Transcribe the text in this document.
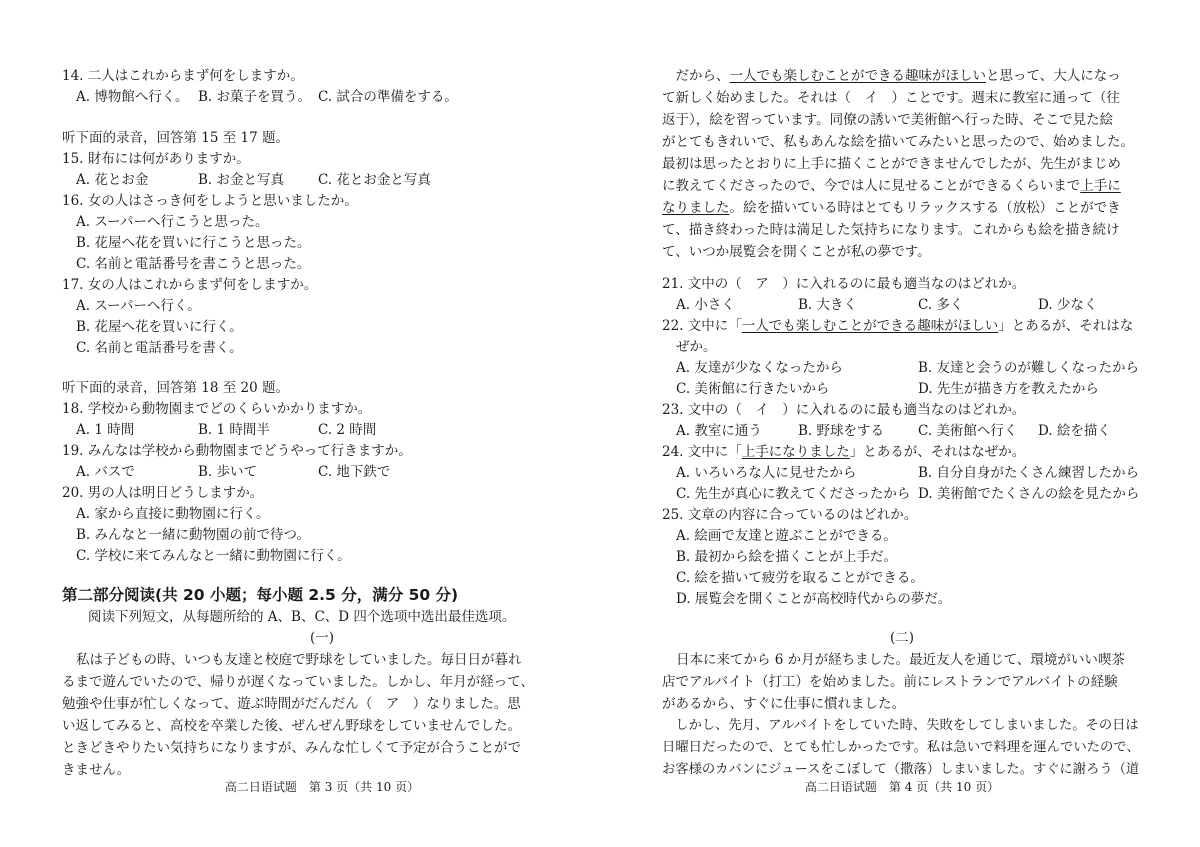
14. 二人はこれからまず何をしますか。
A. 博物館へ行く。 B. お菓子を買う。 C. 試合の準備をする。
听下面的录音，回答第 15 至 17 题。
15. 財布には何がありますか。
A. 花とお金	B. お金と写真	C. 花とお金と写真
16. 女の人はさっき何をしようと思いましたか。
A. スーパーへ行こうと思った。
B. 花屋へ花を買いに行こうと思った。
C. 名前と電話番号を書こうと思った。
17. 女の人はこれからまず何をしますか。
A. スーパーへ行く。
B. 花屋へ花を買いに行く。
C. 名前と電話番号を書く。
听下面的录音，回答第 18 至 20 题。
18. 学校から動物園までどのくらいかかりますか。
A. 1 時間	B. 1 時間半	C. 2 時間
19. みんなは学校から動物園までどうやって行きますか。
A. バスで	B. 歩いて	C. 地下鉄で
20. 男の人は明日どうしますか。
A. 家から直接に動物園に行く。
B. みんなと一緒に動物園の前で待つ。
C. 学校に来てみんなと一緒に動物園に行く。
第二部分阅读(共 20 小题；每小题 2.5 分，满分 50 分)
阅读下列短文，从每题所给的 A、B、C、D 四个选项中选出最佳选项。
(一)
私は子どもの時、いつも友達と校庭で野球をしていました。毎日日が暮れ
るまで遊んでいたので、帰りが遅くなっていました。しかし、年月が経って、
勉強や仕事が忙しくなって、遊ぶ時間がだんだん（　ア　）なりました。思
い返してみると、高校を卒業した後、ぜんぜん野球をしていませんでした。
ときどきやりたい気持ちになりますが、みんな忙しくて予定が合うことがで
きません。
高二日语试题　第 3 页（共 10 页）
　だから、一人でも楽しむことができる趣味がほしいと思って、大人になっ
て新しく始めました。それは（　イ　）ことです。週末に教室に通って（往
返于），絵を習っています。同僚の誘いで美術館へ行った時、そこで見た絵
がとてもきれいで、私もあんな絵を描いてみたいと思ったので、始めました。
最初は思ったとおりに上手に描くことができませんでしたが、先生がまじめ
に教えてくださったので、今では人に見せることができるくらいまで上手に
なりました。絵を描いている時はとてもリラックスする（放松）ことができ
て、描き終わった時は満足した気持ちになります。これからも絵を描き続け
て、いつか展覧会を開くことが私の夢です。
21. 文中の（　ア　）に入れるのに最も適当なのはどれか。
A. 小さく	B. 大きく	C. 多く	D. 少なく
22. 文中に「一人でも楽しむことができる趣味がほしい」とあるが、それはな
ぜか。
A. 友達が少なくなったから	B. 友達と会うのが難しくなったから
C. 美術館に行きたいから	D. 先生が描き方を教えたから
23. 文中の（　イ　）に入れるのに最も適当なのはどれか。
A. 教室に通う	B. 野球をする	C. 美術館へ行く D. 絵を描く
24. 文中に「上手になりました」とあるが、それはなぜか。
A. いろいろな人に見せたから	B. 自分自身がたくさん練習したから
C. 先生が真心に教えてくださったから D. 美術館でたくさんの絵を見たから
25. 文章の内容に合っているのはどれか。
A. 絵画で友達と遊ぶことができる。
B. 最初から絵を描くことが上手だ。
C. 絵を描いて疲労を取ることができる。
D. 展覧会を開くことが高校時代からの夢だ。
(二)
日本に来てから 6 か月が経ちました。最近友人を通じて、環境がいい喫茶
店でアルバイト（打工）を始めました。前にレストランでアルバイトの経験
があるから、すぐに仕事に慣れました。
　しかし、先月、アルバイトをしていた時、失敗をしてしまいました。その日は
日曜日だったので、とても忙しかったです。私は急いで料理を運んでいたので、
お客様のカバンにジュースをこぼして（撒落）しまいました。すぐに謝ろう（道
高二日语试题　第 4 页（共 10 页）
